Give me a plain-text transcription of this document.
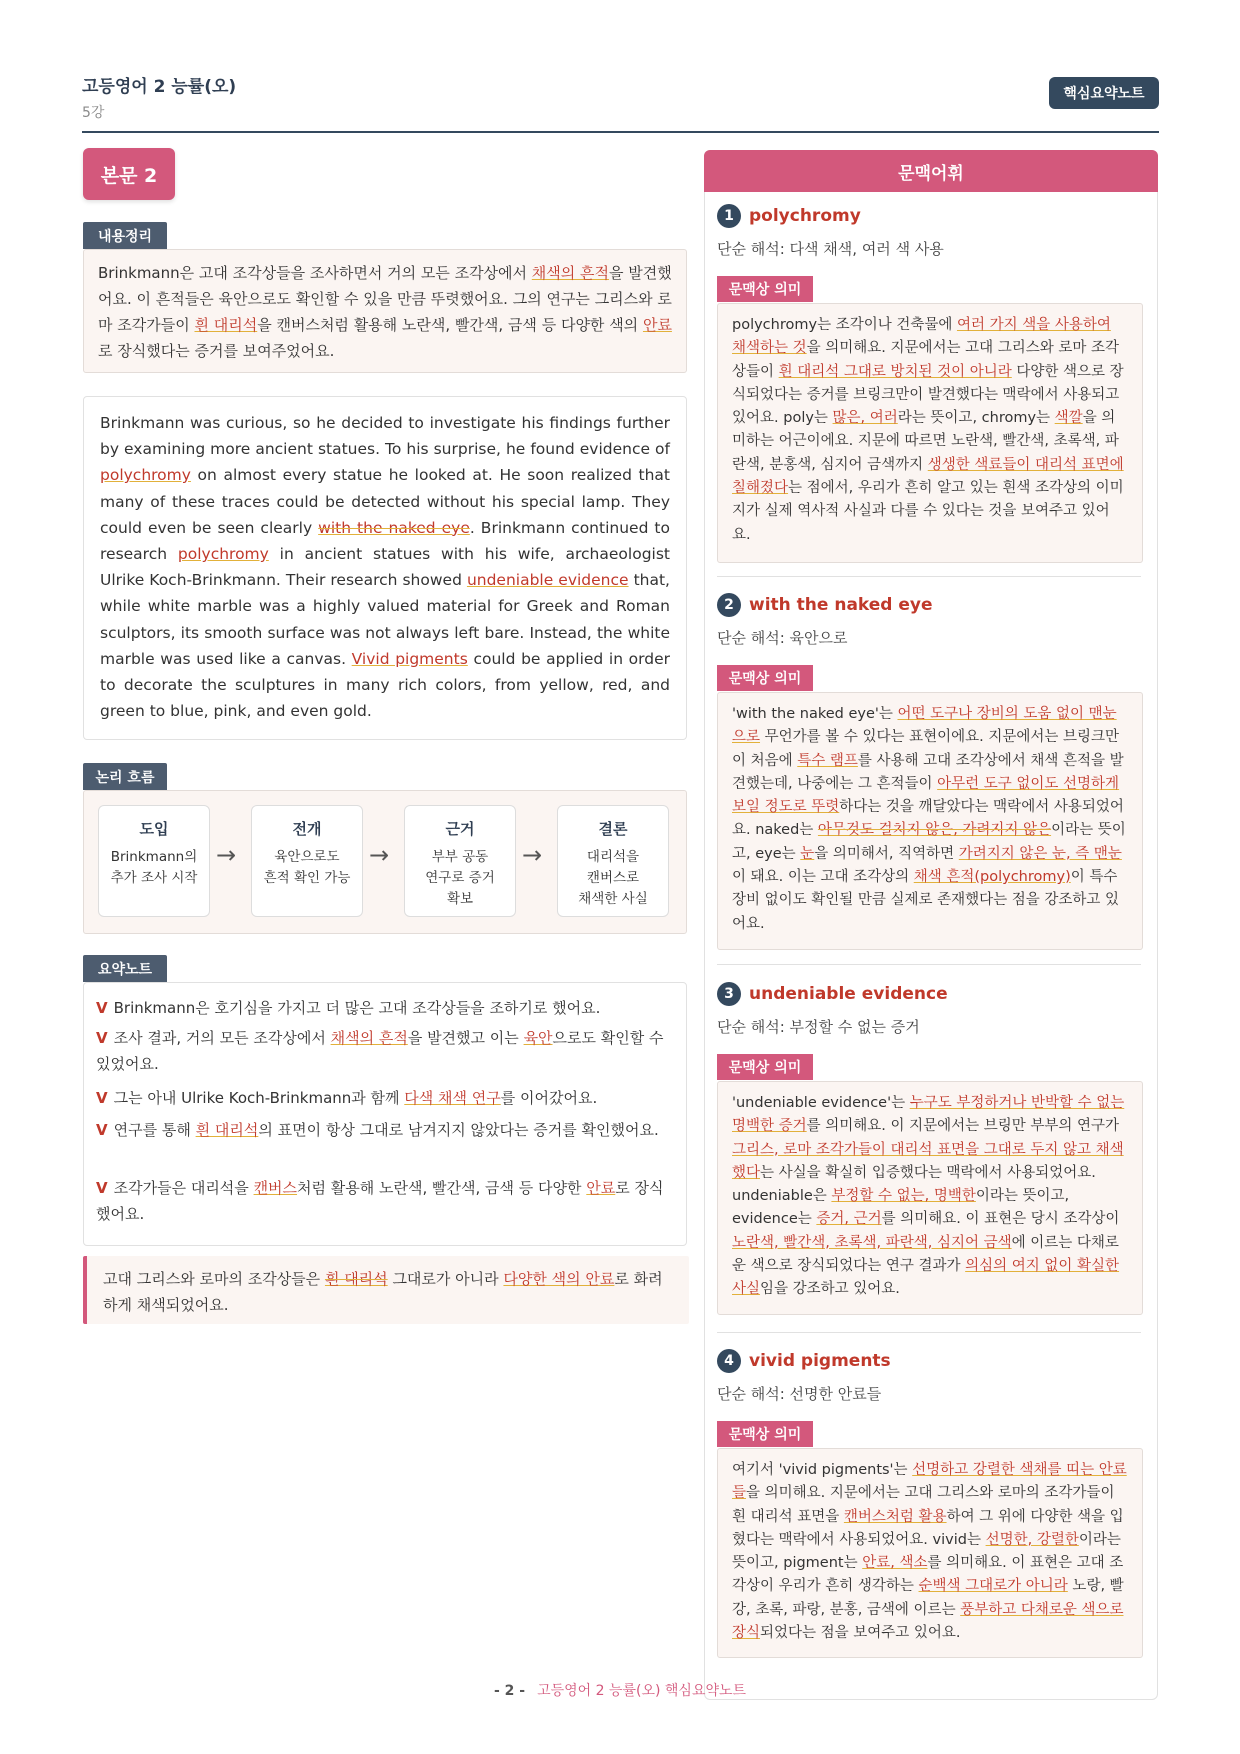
고등영어 2 능률(오)
5강
핵심요약노트
본문 2
내용정리

Brinkmann은 고대 조각상들을 조사하면서 거의 모든 조각상에서 채색의 흔적을 발견했어요. 이 흔적들은 육안으로도 확인할 수 있을 만큼 뚜렷했어요. 그의 연구는 그리스와 로마 조각가들이 흰 대리석을 캔버스처럼 활용해 노란색, 빨간색, 금색 등 다양한 색의 안료로 장식했다는 증거를 보여주었어요.

Brinkmann was curious, so he decided to investigate his findings further by examining more ancient statues. To his surprise, he found evidence of polychromy on almost every statue he looked at. He soon realized that many of these traces could be detected without his special lamp. They could even be seen clearly with the naked eye. Brinkmann continued to research polychromy in ancient statues with his wife, archaeologist Ulrike Koch-Brinkmann. Their research showed undeniable evidence that, while white marble was a highly valued material for Greek and Roman sculptors, its smooth surface was not always left bare. Instead, the white marble was used like a canvas. Vivid pigments could be applied in order to decorate the sculptures in many rich colors, from yellow, red, and green to blue, pink, and even gold.

논리 흐름
도입
Brinkmann의
추가 조사 시작
→
전개
육안으로도
흔적 확인 가능
→
근거
부부 공동
연구로 증거
확보
→
결론
대리석을
캔버스로
채색한 사실
요약노트
V Brinkmann은 호기심을 가지고 더 많은 고대 조각상들을 조하기로 했어요.
V 조사 결과, 거의 모든 조각상에서 채색의 흔적을 발견했고 이는 육안으로도 확인할 수 있었어요.
V 그는 아내 Ulrike Koch-Brinkmann과 함께 다색 채색 연구를 이어갔어요.
V 연구를 통해 흰 대리석의 표면이 항상 그대로 남겨지지 않았다는 증거를 확인했어요.
V 조각가들은 대리석을 캔버스처럼 활용해 노란색, 빨간색, 금색 등 다양한 안료로 장식했어요.

고대 그리스와 로마의 조각상들은 흰 대리석 그대로가 아니라 다양한 색의 안료로 화려하게 채색되었어요.

문맥어휘
1 polychromy
단순 해석: 다색 채색, 여러 색 사용
문맥상 의미

polychromy는 조각이나 건축물에 여러 가지 색을 사용하여 채색하는 것을 의미해요. 지문에서는 고대 그리스와 로마 조각상들이 흰 대리석 그대로 방치된 것이 아니라 다양한 색으로 장식되었다는 증거를 브링크만이 발견했다는 맥락에서 사용되고 있어요. poly는 많은, 여러라는 뜻이고, chromy는 색깔을 의미하는 어근이에요. 지문에 따르면 노란색, 빨간색, 초록색, 파란색, 분홍색, 심지어 금색까지 생생한 색료들이 대리석 표면에 칠해졌다는 점에서, 우리가 흔히 알고 있는 흰색 조각상의 이미지가 실제 역사적 사실과 다를 수 있다는 것을 보여주고 있어요.

2 with the naked eye
단순 해석: 육안으로
문맥상 의미

'with the naked eye'는 어떤 도구나 장비의 도움 없이 맨눈으로 무언가를 볼 수 있다는 표현이에요. 지문에서는 브링크만이 처음에 특수 램프를 사용해 고대 조각상에서 채색 흔적을 발견했는데, 나중에는 그 흔적들이 아무런 도구 없이도 선명하게 보일 정도로 뚜렷하다는 것을 깨달았다는 맥락에서 사용되었어요. naked는 아무것도 걸치지 않은, 가려지지 않은이라는 뜻이고, eye는 눈을 의미해서, 직역하면 가려지지 않은 눈, 즉 맨눈이 돼요. 이는 고대 조각상의 채색 흔적(polychromy)이 특수 장비 없이도 확인될 만큼 실제로 존재했다는 점을 강조하고 있어요.

3 undeniable evidence
단순 해석: 부정할 수 없는 증거
문맥상 의미

'undeniable evidence'는 누구도 부정하거나 반박할 수 없는 명백한 증거를 의미해요. 이 지문에서는 브링만 부부의 연구가 그리스, 로마 조각가들이 대리석 표면을 그대로 두지 않고 채색했다는 사실을 확실히 입증했다는 맥락에서 사용되었어요. undeniable은 부정할 수 없는, 명백한이라는 뜻이고, evidence는 증거, 근거를 의미해요. 이 표현은 당시 조각상이 노란색, 빨간색, 초록색, 파란색, 심지어 금색에 이르는 다채로운 색으로 장식되었다는 연구 결과가 의심의 여지 없이 확실한 사실임을 강조하고 있어요.

4 vivid pigments
단순 해석: 선명한 안료들
문맥상 의미

여기서 'vivid pigments'는 선명하고 강렬한 색채를 띠는 안료들을 의미해요. 지문에서는 고대 그리스와 로마의 조각가들이 흰 대리석 표면을 캔버스처럼 활용하여 그 위에 다양한 색을 입혔다는 맥락에서 사용되었어요. vivid는 선명한, 강렬한이라는 뜻이고, pigment는 안료, 색소를 의미해요. 이 표현은 고대 조각상이 우리가 흔히 생각하는 순백색 그대로가 아니라 노랑, 빨강, 초록, 파랑, 분홍, 금색에 이르는 풍부하고 다채로운 색으로 장식되었다는 점을 보여주고 있어요.

- 2 - 고등영어 2 능률(오) 핵심요약노트
